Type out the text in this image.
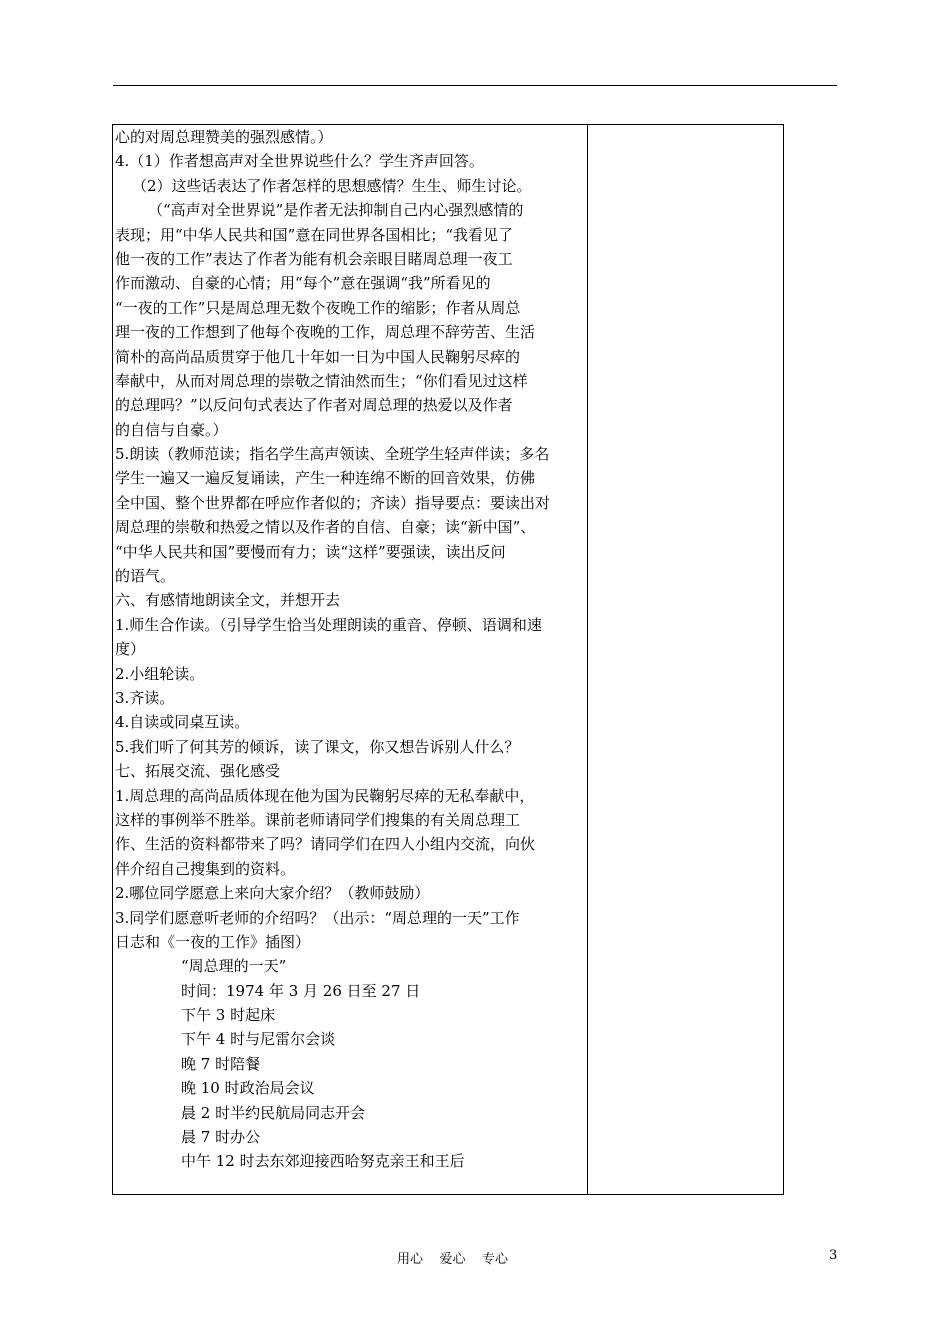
心的对周总理赞美的强烈感情。）
4.（1）作者想高声对全世界说些什么？学生齐声回答。
（2）这些话表达了作者怎样的思想感情？生生、师生讨论。
（“高声对全世界说”是作者无法抑制自己内心强烈感情的
表现；用“中华人民共和国”意在同世界各国相比；“我看见了
他一夜的工作”表达了作者为能有机会亲眼目睹周总理一夜工
作而激动、自豪的心情；用“每个”意在强调“我”所看见的
“一夜的工作”只是周总理无数个夜晚工作的缩影；作者从周总
理一夜的工作想到了他每个夜晚的工作，周总理不辞劳苦、生活
简朴的高尚品质贯穿于他几十年如一日为中国人民鞠躬尽瘁的
奉献中，从而对周总理的崇敬之情油然而生；“你们看见过这样
的总理吗？”以反问句式表达了作者对周总理的热爱以及作者
的自信与自豪。）
5.朗读（教师范读；指名学生高声领读、全班学生轻声伴读；多名
学生一遍又一遍反复诵读，产生一种连绵不断的回音效果，仿佛
全中国、整个世界都在呼应作者似的；齐读）指导要点：要读出对
周总理的崇敬和热爱之情以及作者的自信、自豪；读“新中国”、
“中华人民共和国”要慢而有力；读“这样”要强读，读出反问
的语气。
六、有感情地朗读全文，并想开去
1.师生合作读。（引导学生恰当处理朗读的重音、停顿、语调和速
度）
2.小组轮读。
3.齐读。
4.自读或同桌互读。
5.我们听了何其芳的倾诉，读了课文，你又想告诉别人什么？
七、拓展交流、强化感受
1.周总理的高尚品质体现在他为国为民鞠躬尽瘁的无私奉献中，
这样的事例举不胜举。课前老师请同学们搜集的有关周总理工
作、生活的资料都带来了吗？请同学们在四人小组内交流，向伙
伴介绍自己搜集到的资料。
2.哪位同学愿意上来向大家介绍？（教师鼓励）
3.同学们愿意听老师的介绍吗？（出示：“周总理的一天”工作
日志和《一夜的工作》插图）
“周总理的一天”
时间：1974 年 3 月 26 日至 27 日
下午 3 时起床
下午 4 时与尼雷尔会谈
晚 7 时陪餐
晚 10 时政治局会议
晨 2 时半约民航局同志开会
晨 7 时办公
中午 12 时去东郊迎接西哈努克亲王和王后
用心    爱心    专心	3
